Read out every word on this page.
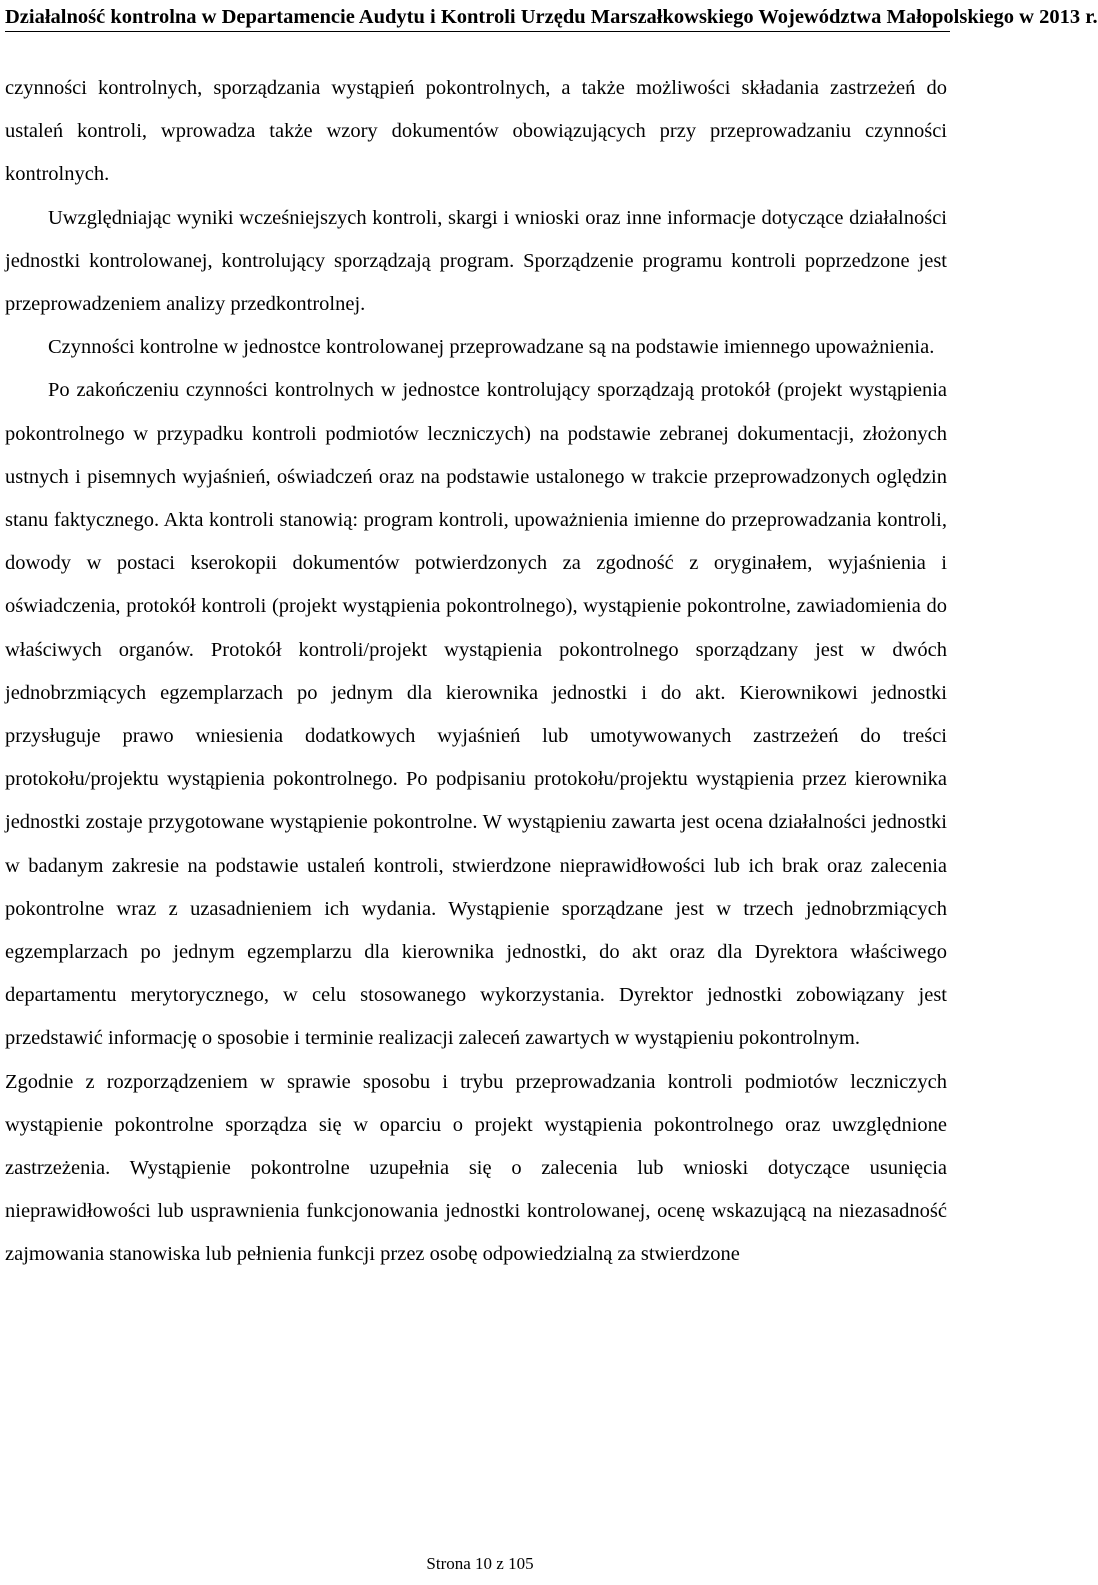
Działalność kontrolna w Departamencie Audytu i Kontroli Urzędu Marszałkowskiego Województwa Małopolskiego w 2013 r.

czynności kontrolnych, sporządzania wystąpień pokontrolnych, a także możliwości składania zastrzeżeń do ustaleń kontroli, wprowadza także wzory dokumentów obowiązujących przy przeprowadzaniu czynności kontrolnych.

Uwzględniając wyniki wcześniejszych kontroli, skargi i wnioski oraz inne informacje dotyczące działalności jednostki kontrolowanej, kontrolujący sporządzają program. Sporządzenie programu kontroli poprzedzone jest przeprowadzeniem analizy przedkontrolnej.

Czynności kontrolne w jednostce kontrolowanej przeprowadzane są na podstawie imiennego upoważnienia.

Po zakończeniu czynności kontrolnych w jednostce kontrolujący sporządzają protokół (projekt wystąpienia pokontrolnego w przypadku kontroli podmiotów leczniczych) na podstawie zebranej dokumentacji, złożonych ustnych i pisemnych wyjaśnień, oświadczeń oraz na podstawie ustalonego w trakcie przeprowadzonych oględzin stanu faktycznego. Akta kontroli stanowią: program kontroli, upoważnienia imienne do przeprowadzania kontroli, dowody w postaci kserokopii dokumentów potwierdzonych za zgodność z oryginałem, wyjaśnienia i oświadczenia, protokół kontroli (projekt wystąpienia pokontrolnego), wystąpienie pokontrolne, zawiadomienia do właściwych organów. Protokół kontroli/projekt wystąpienia pokontrolnego sporządzany jest w dwóch jednobrzmiących egzemplarzach po jednym dla kierownika jednostki i do akt. Kierownikowi jednostki przysługuje prawo wniesienia dodatkowych wyjaśnień lub umotywowanych zastrzeżeń do treści protokołu/projektu wystąpienia pokontrolnego. Po podpisaniu protokołu/projektu wystąpienia przez kierownika jednostki zostaje przygotowane wystąpienie pokontrolne. W wystąpieniu zawarta jest ocena działalności jednostki w badanym zakresie na podstawie ustaleń kontroli, stwierdzone nieprawidłowości lub ich brak oraz zalecenia pokontrolne wraz z uzasadnieniem ich wydania. Wystąpienie sporządzane jest w trzech jednobrzmiących egzemplarzach po jednym egzemplarzu dla kierownika jednostki, do akt oraz dla Dyrektora właściwego departamentu merytorycznego, w celu stosowanego wykorzystania. Dyrektor jednostki zobowiązany jest przedstawić informację o sposobie i terminie realizacji zaleceń zawartych w wystąpieniu pokontrolnym.

Zgodnie z rozporządzeniem w sprawie sposobu i trybu przeprowadzania kontroli podmiotów leczniczych wystąpienie pokontrolne sporządza się w oparciu o projekt wystąpienia pokontrolnego oraz uwzględnione zastrzeżenia. Wystąpienie pokontrolne uzupełnia się o zalecenia lub wnioski dotyczące usunięcia nieprawidłowości lub usprawnienia funkcjonowania jednostki kontrolowanej, ocenę wskazującą na niezasadność zajmowania stanowiska lub pełnienia funkcji przez osobę odpowiedzialną za stwierdzone

Strona 10 z 105
